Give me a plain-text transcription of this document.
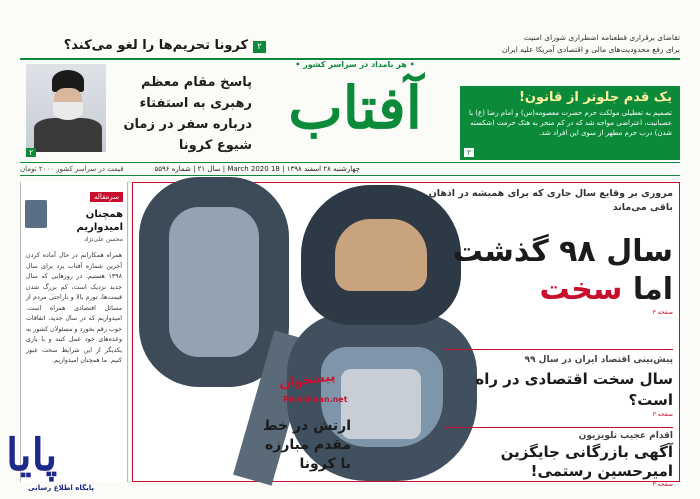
۲ کرونا تحریم‌ها را لغو می‌کند؟
تقاضای برقراری قطعنامه اضطراری شورای امنیت
برای رفع محدودیت‌های مالی و اقتصادی آمریکا علیه ایران
۲
پاسخ مقام معظم رهبری به استفتاء درباره سفر در زمان شیوع کرونا
• هر بامداد در سراسر کشور •
آفتاب	یک قدم جلوتر از قانون!
تصمیم به تعطیلی مولکت حرم حضرت معصومه(س) و امام رضا (ع) با عصبانیت، اعتراضی مواجه شد که در کم منجر به هتک حرمت (شکسته شدن) درب حرم مطهر از سوی این افراد شد.
۲
چهارشنبه ۲۸ اسفند ۱۳۹۸ | 18 March 2020 | سال ۲۱ | شماره ۵۵۹۶
قیمت در سراسر کشور ۲۰۰۰ تومان
سرمقاله
همچنان امیدواریم
محسن علی‌نژاد
همراه همکارانم در حال آماده کردن آخرین شماره آفتاب یزد برای سال ۱۳۹۸ هستیم. در روزهایی که سال جدید نزدیک است، کم بزرگ شدن قیمت‌ها، تورم بالا و ناراحتی مردم از مسائل اقتصادی همراه است. امیدواریم که در سال جدید، اتفاقات خوب رقم بخورد و مسئولان کشور به وعده‌های خود عمل کنند و با یاری یکدیگر از این شرایط سخت عبور کنیم. ما همچنان امیدواریم.
پیشخوان
Pishkhaan.net
ارتش در خط مقدم مبارزه با کرونا
مروری بر وقایع سال جاری که برای همیشه در اذهان باقی می‌ماند
سال ۹۸ گذشت
اما سخت
صفحه ۳
پیش‌بینی اقتصاد ایران در سال ۹۹
سال سخت اقتصادی در راه است؟
صفحه ۳
اقدام عجیب تلویزیون
آگهی بازرگانی جایگزین امیرحسین رستمی!
صفحه ۳
پایا
پایگاه اطلاع رسانی
